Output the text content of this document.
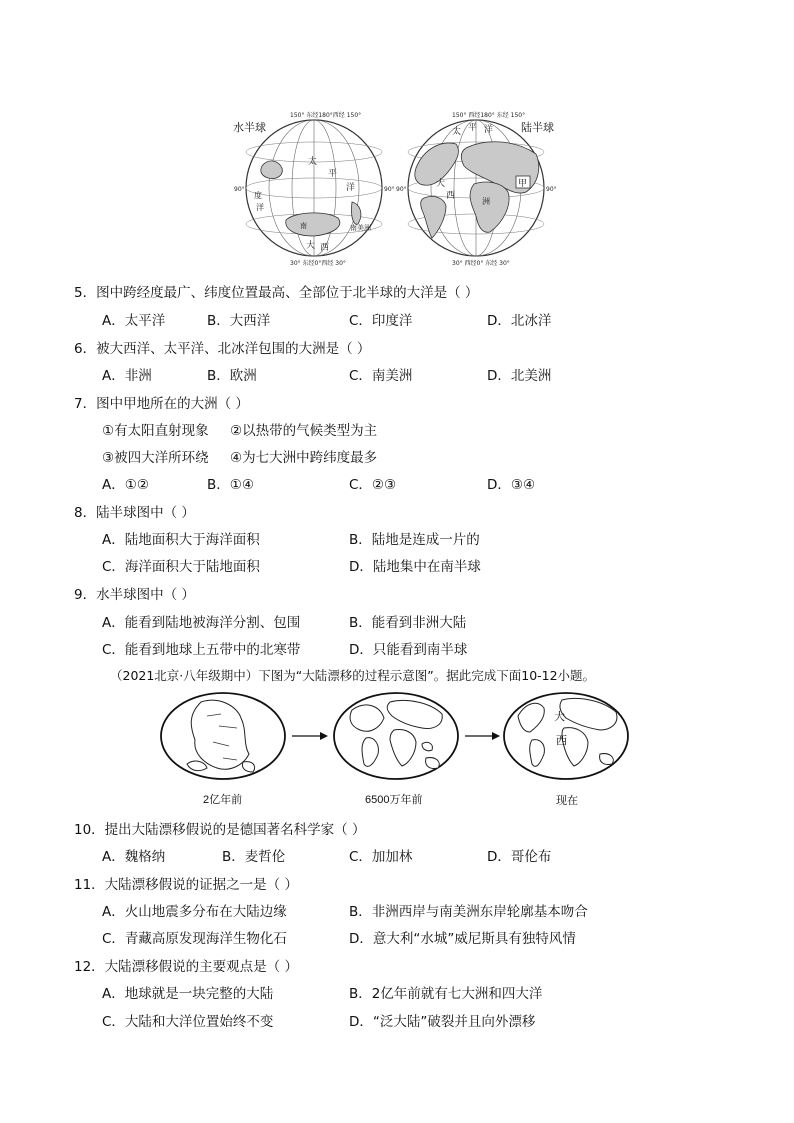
水半球	陆半球
太
平
洋
大 西
度
洋
南	南美洲
150° 东经180°西经 150°
30° 东经0°西经 30°
90°	90°
太 平 洋
大
西
洲
甲
150° 西经180° 东经 150°
30° 西经0° 东经 30°
90°	90°
5．图中跨经度最广、纬度位置最高、全部位于北半球的大洋是（ ）
A．太平洋	B．大西洋	C．印度洋	D．北冰洋
6．被大西洋、太平洋、北冰洋包围的大洲是（ ）
A．非洲	B．欧洲	C．南美洲	D．北美洲
7．图中甲地所在的大洲（ ）
①有太阳直射现象 ②以热带的气候类型为主
③被四大洋所环绕 ④为七大洲中跨纬度最多
A．①②	B．①④	C．②③	D．③④
8．陆半球图中（ ）
A．陆地面积大于海洋面积	B．陆地是连成一片的
C．海洋面积大于陆地面积	D．陆地集中在南半球
9．水半球图中（ ）
A．能看到陆地被海洋分割、包围	B．能看到非洲大陆
C．能看到地球上五带中的北寒带	D．只能看到南半球
（2021北京·八年级期中）下图为“大陆漂移的过程示意图”。据此完成下面10-12小题。
大
西
2亿年前	6500万年前	现在
10．提出大陆漂移假说的是德国著名科学家（ ）
A．魏格纳	B．麦哲伦	C．加加林	D．哥伦布
11．大陆漂移假说的证据之一是（ ）
A．火山地震多分布在大陆边缘	B．非洲西岸与南美洲东岸轮廓基本吻合
C．青藏高原发现海洋生物化石	D．意大利“水城”威尼斯具有独特风情
12．大陆漂移假说的主要观点是（ ）
A．地球就是一块完整的大陆	B．2亿年前就有七大洲和四大洋
C．大陆和大洋位置始终不变	D．“泛大陆”破裂并且向外漂移
